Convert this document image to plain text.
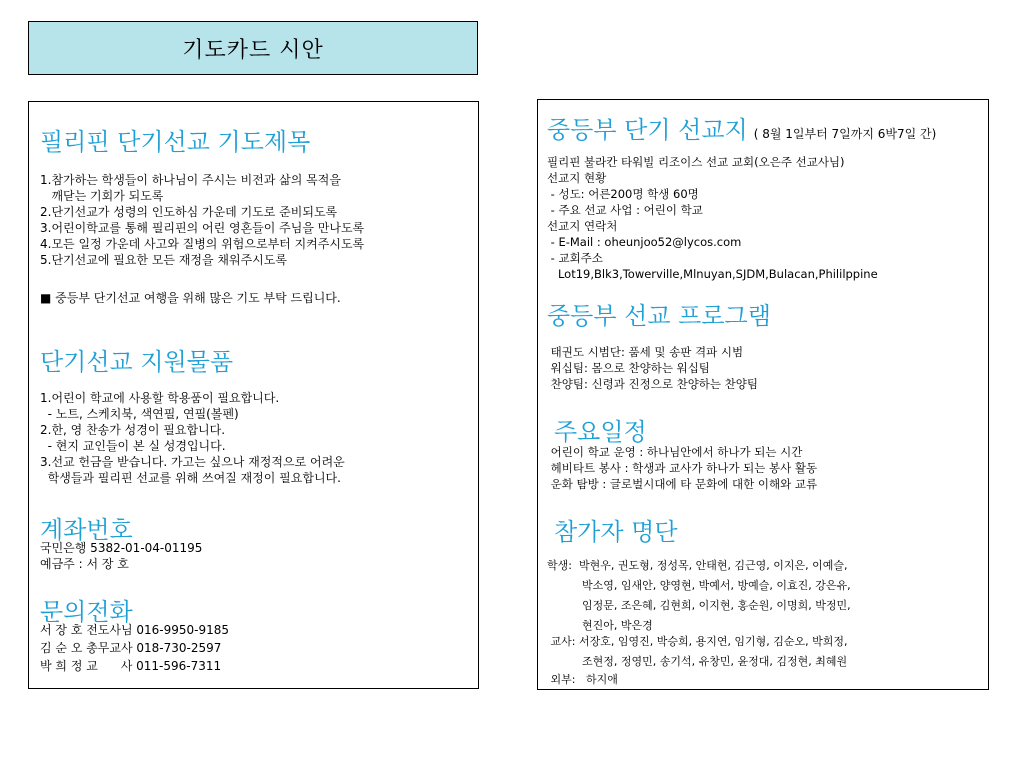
기도카드 시안
필리핀 단기선교 기도제목
1.참가하는 학생들이 하나님이 주시는 비전과 삶의 목적을
깨닫는 기회가 되도록
2.단기선교가 성령의 인도하심 가운데 기도로 준비되도록
3.어린이학교를 통해 필리핀의 어린 영혼들이 주님을 만나도록
4.모든 일정 가운데 사고와 질병의 위험으로부터 지켜주시도록
5.단기선교에 필요한 모든 재정을 채워주시도록
■ 중등부 단기선교 여행을 위해 많은 기도 부탁 드립니다.
단기선교 지원물품
1.어린이 학교에 사용할 학용품이 필요합니다.
- 노트, 스케치북, 색연필, 연필(볼펜)
2.한, 영 찬송가 성경이 필요합니다.
- 현지 교인들이 본 실 성경입니다.
3.선교 헌금을 받습니다. 가고는 싶으나 재정적으로 어려운
학생들과 필리핀 선교를 위해 쓰여질 재정이 필요합니다.
계좌번호
국민은행 5382-01-04-01195
예금주 : 서 장 호
문의전화
서 장 호 전도사님 016-9950-9185
김 순 오 총무교사 018-730-2597
박 희 정 교      사 011-596-7311
중등부 단기 선교지 ( 8월 1일부터 7일까지 6박7일 간)
필리핀 불라칸 타워빌 리조이스 선교 교회(오은주 선교사님)
선교지 현황
- 성도: 어른200명 학생 60명
- 주요 선교 사업 : 어린이 학교
선교지 연락처
- E-Mail : oheunjoo52@lycos.com
- 교회주소
Lot19,Blk3,Towerville,Mlnuyan,SJDM,Bulacan,Phililppine
중등부 선교 프로그램
태권도 시범단: 품세 및 송판 격파 시범
워십팀: 몸으로 찬양하는 워십팀
찬양팀: 신령과 진정으로 찬양하는 찬양팀
주요일정
어린이 학교 운영 : 하나님안에서 하나가 되는 시간
헤비타트 봉사 : 학생과 교사가 하나가 되는 봉사 활동
운화 탐방 : 글로벌시대에 타 문화에 대한 이해와 교류
참가자 명단
학생:  박현우, 권도형, 정성목, 안태현, 김근영, 이지은, 이예슬,
박소영, 임새안, 양영현, 박예서, 방예슬, 이효진, 강은유,
임정문, 조은혜, 김현희, 이지현, 홍순원, 이명희, 박정민,
현진아, 박은경
교사: 서장호, 임영진, 박승희, 용지연, 임기형, 김순오, 박희정,
조현정, 정영민, 송기석, 유창민, 윤정대, 김정현, 최혜원
외부:   하지애
